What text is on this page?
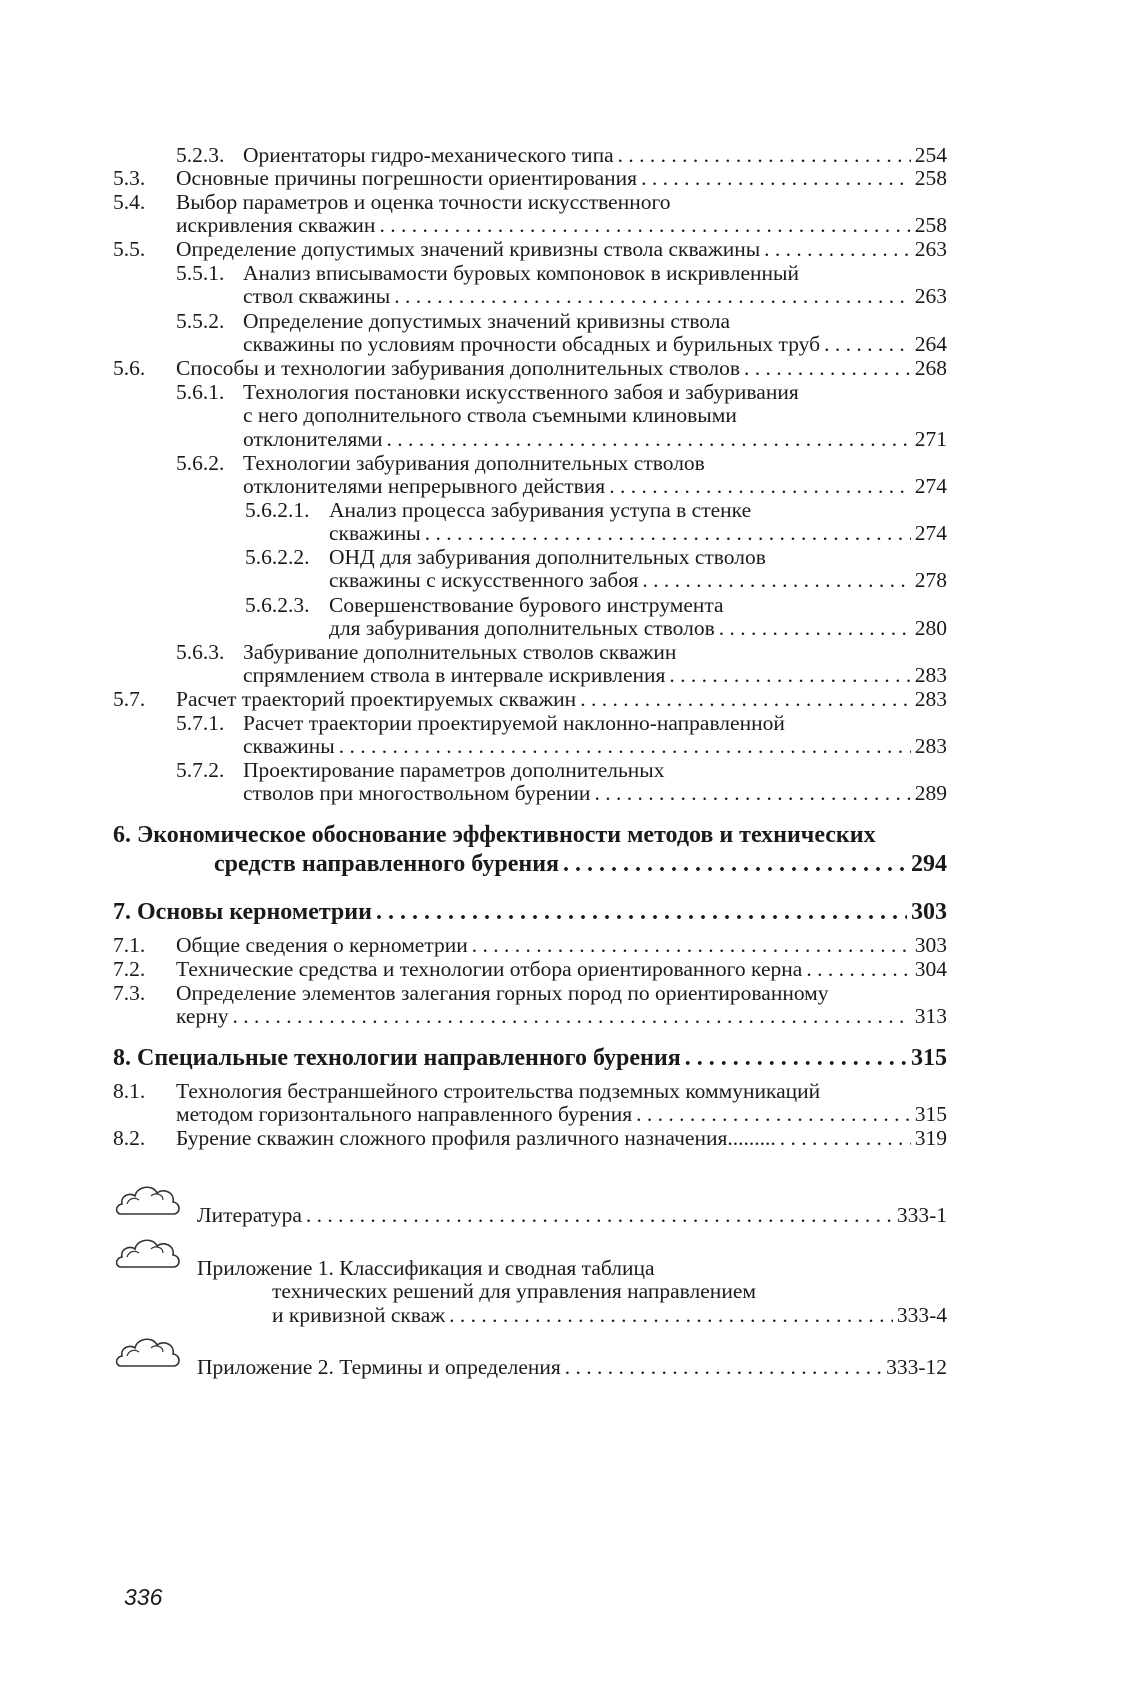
5.2.3. Ориентаторы гидро-механического типа . . .	254
5.3. Основные причины погрешности ориентирования . . .	258
5.4. Выбор параметров и оценка точности искусственного
искривления скважин . . .	258
5.5. Определение допустимых значений кривизны ствола скважины . . .	263
5.5.1. Анализ вписывамости буровых компоновок в искривленный
ствол скважины . . .	263
5.5.2. Определение допустимых значений кривизны ствола
скважины по условиям прочности обсадных и бурильных труб . . .	264
5.6. Способы и технологии забуривания дополнительных стволов . . .	268
5.6.1. Технология постановки искусственного забоя и забуривания
с него дополнительного ствола съемными клиновыми
отклонителями . . .	271
5.6.2. Технологии забуривания дополнительных стволов
отклонителями непрерывного действия . . .	274
5.6.2.1. Анализ процесса забуривания уступа в стенке
скважины . . .	274
5.6.2.2. ОНД для забуривания дополнительных стволов
скважины с искусственного забоя . . .	278
5.6.2.3. Совершенствование бурового инструмента
для забуривания дополнительных стволов . . .	280
5.6.3. Забуривание дополнительных стволов скважин
спрямлением ствола в интервале искривления . . .	283
5.7. Расчет траекторий проектируемых скважин . . .	283
5.7.1. Расчет траектории проектируемой наклонно-направленной
скважины . . .	283
5.7.2. Проектирование параметров дополнительных
стволов при многоствольном бурении . . .	289
6. Экономическое обоснование эффективности методов и технических
средств направленного бурения . . .	294
7. Основы кернометрии . . .	303
7.1. Общие сведения о кернометрии . . .	303
7.2. Технические средства и технологии отбора ориентированного керна . . .	304
7.3. Определение элементов залегания горных пород по ориентированному
керну . . .	313
8. Специальные технологии направленного бурения . . .	315
8.1. Технология бестраншейного строительства подземных коммуникаций
методом горизонтального направленного бурения . . .	315
8.2. Бурение скважин сложного профиля различного назначения......... . . .	319
Литература . . .	333-1
Приложение 1. Классификация и сводная таблица
технических решений для управления направлением
и кривизной скваж . . .	333-4
Приложение 2. Термины и определения . . .	333-12
336
